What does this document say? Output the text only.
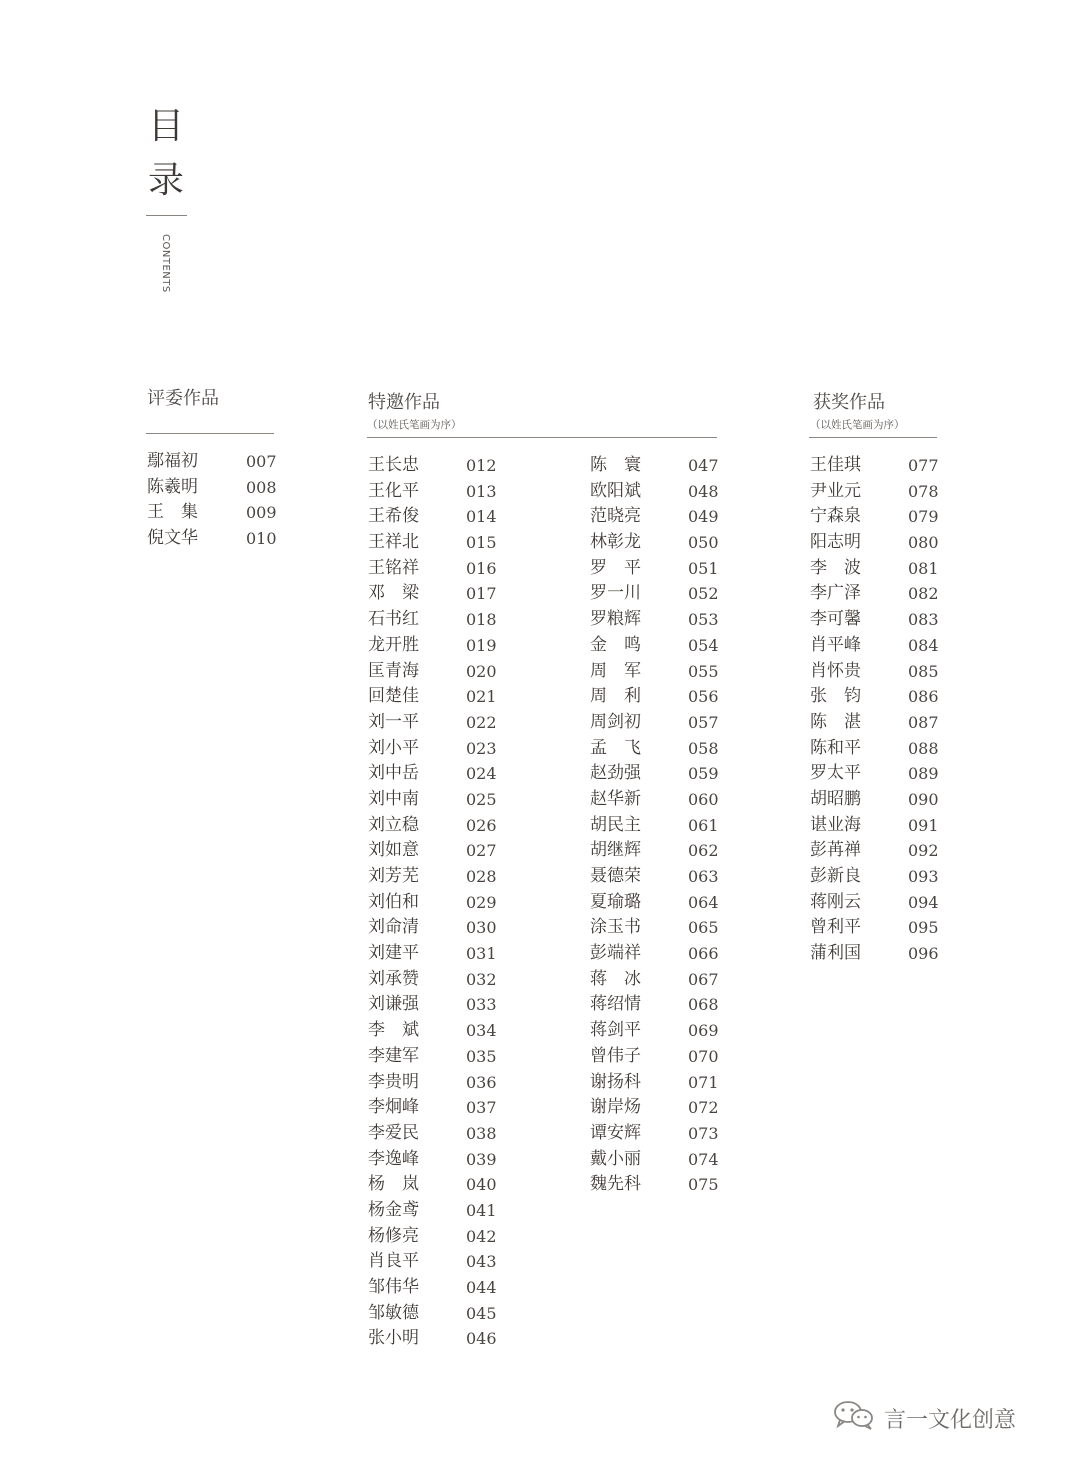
目
录
CONTENTS
评委作品
鄢福初	007
陈羲明	008
王　集	009
倪文华	010
特邀作品
（以姓氏笔画为序）
王长忠	012
王化平	013
王希俊	014
王祥北	015
王铭祥	016
邓　梁	017
石书红	018
龙开胜	019
匡青海	020
回楚佳	021
刘一平	022
刘小平	023
刘中岳	024
刘中南	025
刘立稳	026
刘如意	027
刘芳芜	028
刘伯和	029
刘命清	030
刘建平	031
刘承赞	032
刘谦强	033
李　斌	034
李建军	035
李贵明	036
李炯峰	037
李爱民	038
李逸峰	039
杨　岚	040
杨金鸢	041
杨修亮	042
肖良平	043
邹伟华	044
邹敏德	045
张小明	046
陈　寰	047
欧阳斌	048
范晓亮	049
林彰龙	050
罗　平	051
罗一川	052
罗粮辉	053
金　鸣	054
周　军	055
周　利	056
周剑初	057
孟　飞	058
赵劲强	059
赵华新	060
胡民主	061
胡继辉	062
聂德荣	063
夏瑜璐	064
涂玉书	065
彭端祥	066
蒋　冰	067
蒋绍情	068
蒋剑平	069
曾伟子	070
谢扬科	071
谢岸炀	072
谭安辉	073
戴小丽	074
魏先科	075
获奖作品
（以姓氏笔画为序）
王佳琪	077
尹业元	078
宁森泉	079
阳志明	080
李　波	081
李广泽	082
李可馨	083
肖平峰	084
肖怀贵	085
张　钧	086
陈　湛	087
陈和平	088
罗太平	089
胡昭鹏	090
谌业海	091
彭苒禅	092
彭新良	093
蒋刚云	094
曾利平	095
蒲利国	096
言一文化创意
